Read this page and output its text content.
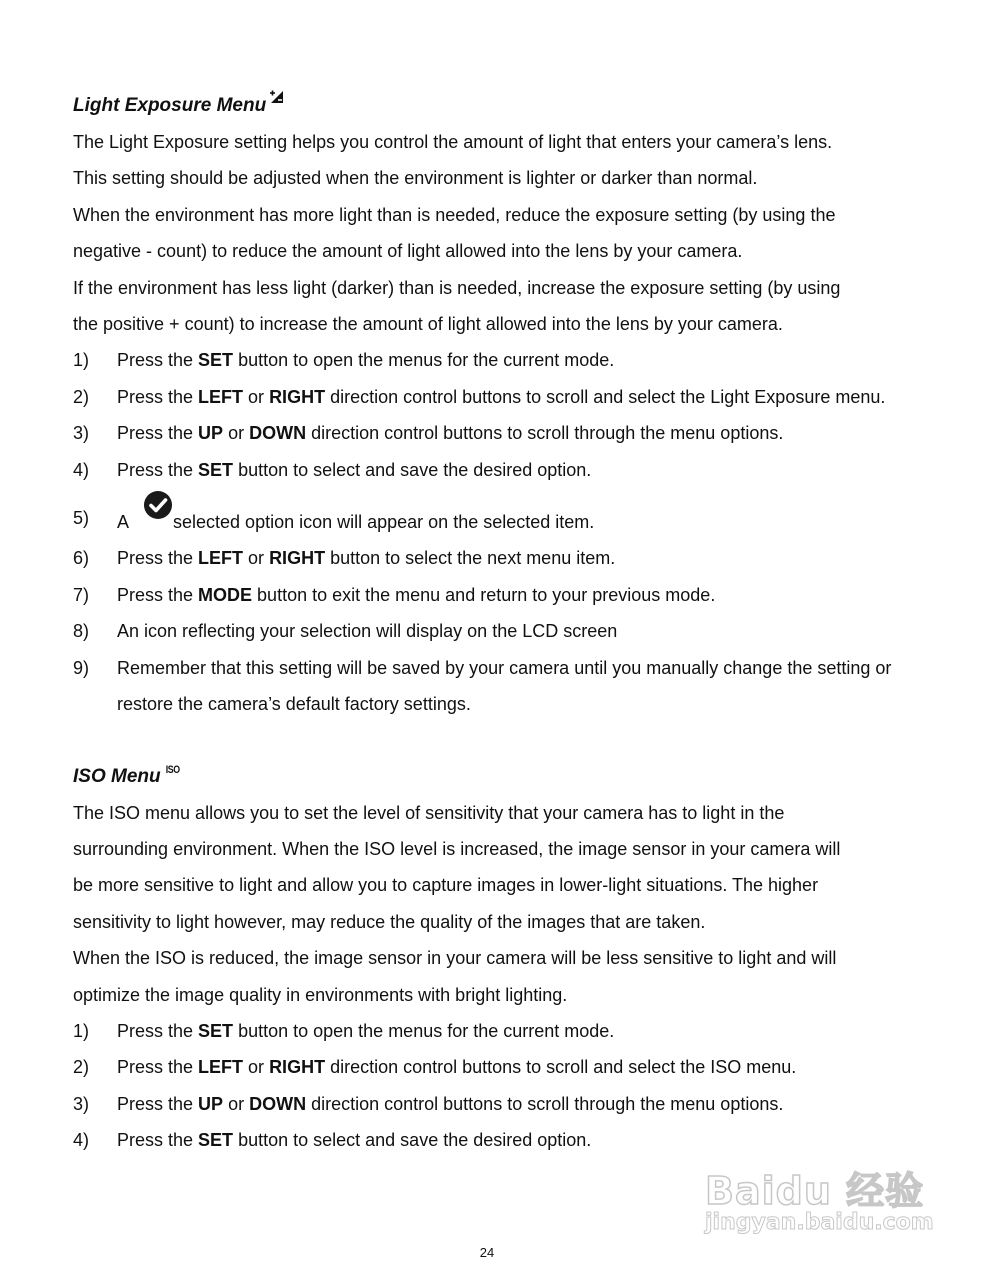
Light Exposure Menu
The Light Exposure setting helps you control the amount of light that enters your camera’s lens.
This setting should be adjusted when the environment is lighter or darker than normal.
When the environment has more light than is needed, reduce the exposure setting (by using the
negative - count) to reduce the amount of light allowed into the lens by your camera.
If the environment has less light (darker) than is needed, increase the exposure setting (by using
the positive + count) to increase the amount of light allowed into the lens by your camera.
1)	Press the SET button to open the menus for the current mode.
2)	Press the LEFT or RIGHT direction control buttons to scroll and select the Light Exposure menu.
3)	Press the UP or DOWN direction control buttons to scroll through the menu options.
4)	Press the SET button to select and save the desired option.
5)	A selected option icon will appear on the selected item.
6)	Press the LEFT or RIGHT button to select the next menu item.
7)	Press the MODE button to exit the menu and return to your previous mode.
8)	An icon reflecting your selection will display on the LCD screen
9)	Remember that this setting will be saved by your camera until you manually change the setting or restore the camera’s default factory settings.
ISO Menu ISO
The ISO menu allows you to set the level of sensitivity that your camera has to light in the
surrounding environment. When the ISO level is increased, the image sensor in your camera will
be more sensitive to light and allow you to capture images in lower-light situations. The higher
sensitivity to light however, may reduce the quality of the images that are taken.
When the ISO is reduced, the image sensor in your camera will be less sensitive to light and will
optimize the image quality in environments with bright lighting.
1)	Press the SET button to open the menus for the current mode.
2)	Press the LEFT or RIGHT direction control buttons to scroll and select the ISO menu.
3)	Press the UP or DOWN direction control buttons to scroll through the menu options.
4)	Press the SET button to select and save the desired option.
Baidu 经验
jingyan.baidu.com
24
